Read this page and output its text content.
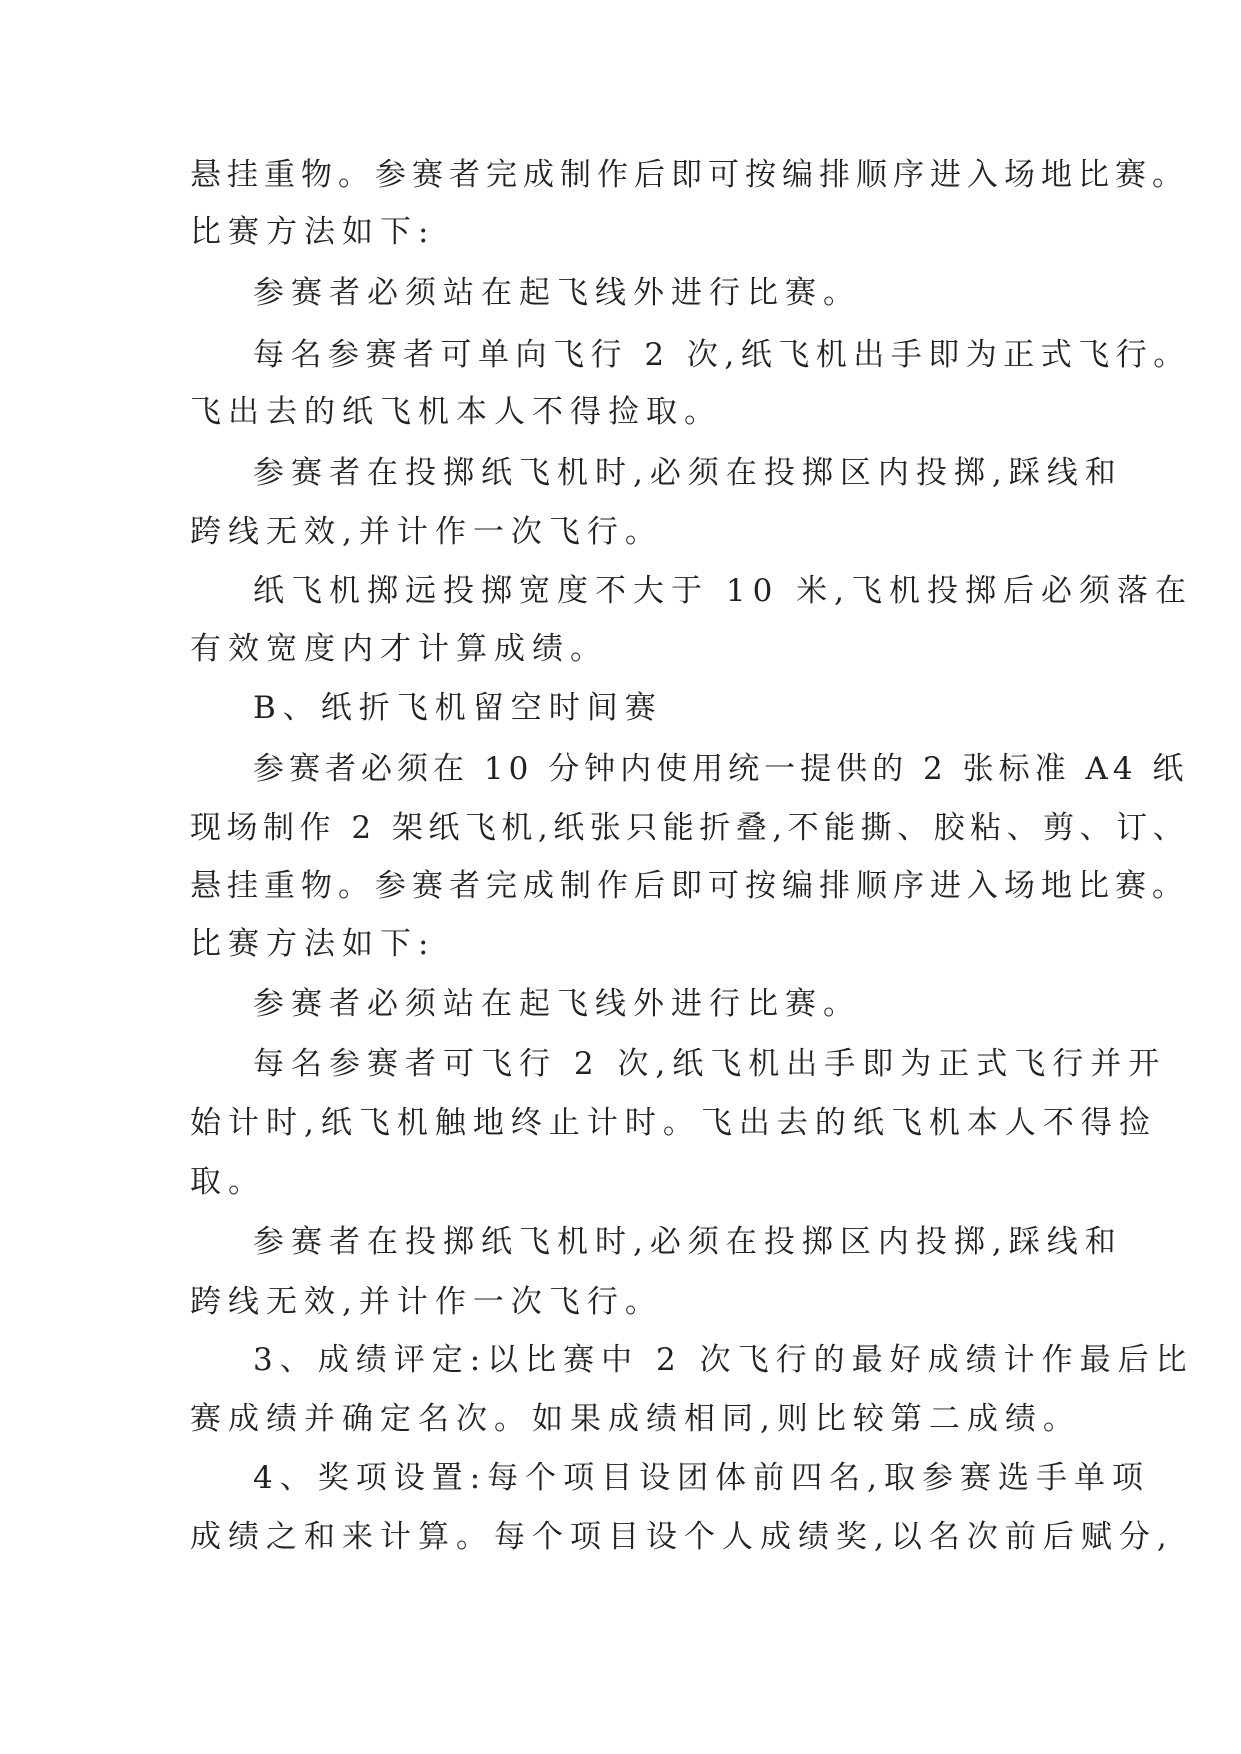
悬挂重物。参赛者完成制作后即可按编排顺序进入场地比赛。
比赛方法如下:
参赛者必须站在起飞线外进行比赛。
每名参赛者可单向飞行 2 次,纸飞机出手即为正式飞行。
飞出去的纸飞机本人不得捡取。
参赛者在投掷纸飞机时,必须在投掷区内投掷,踩线和
跨线无效,并计作一次飞行。
纸飞机掷远投掷宽度不大于 10 米,飞机投掷后必须落在
有效宽度内才计算成绩。
B、纸折飞机留空时间赛
参赛者必须在 10 分钟内使用统一提供的 2 张标准 A4 纸
现场制作 2 架纸飞机,纸张只能折叠,不能撕、胶粘、剪、订、
悬挂重物。参赛者完成制作后即可按编排顺序进入场地比赛。
比赛方法如下:
参赛者必须站在起飞线外进行比赛。
每名参赛者可飞行 2 次,纸飞机出手即为正式飞行并开
始计时,纸飞机触地终止计时。飞出去的纸飞机本人不得捡
取。
参赛者在投掷纸飞机时,必须在投掷区内投掷,踩线和
跨线无效,并计作一次飞行。
3、成绩评定:以比赛中 2 次飞行的最好成绩计作最后比
赛成绩并确定名次。如果成绩相同,则比较第二成绩。
4、奖项设置:每个项目设团体前四名,取参赛选手单项
成绩之和来计算。每个项目设个人成绩奖,以名次前后赋分,
